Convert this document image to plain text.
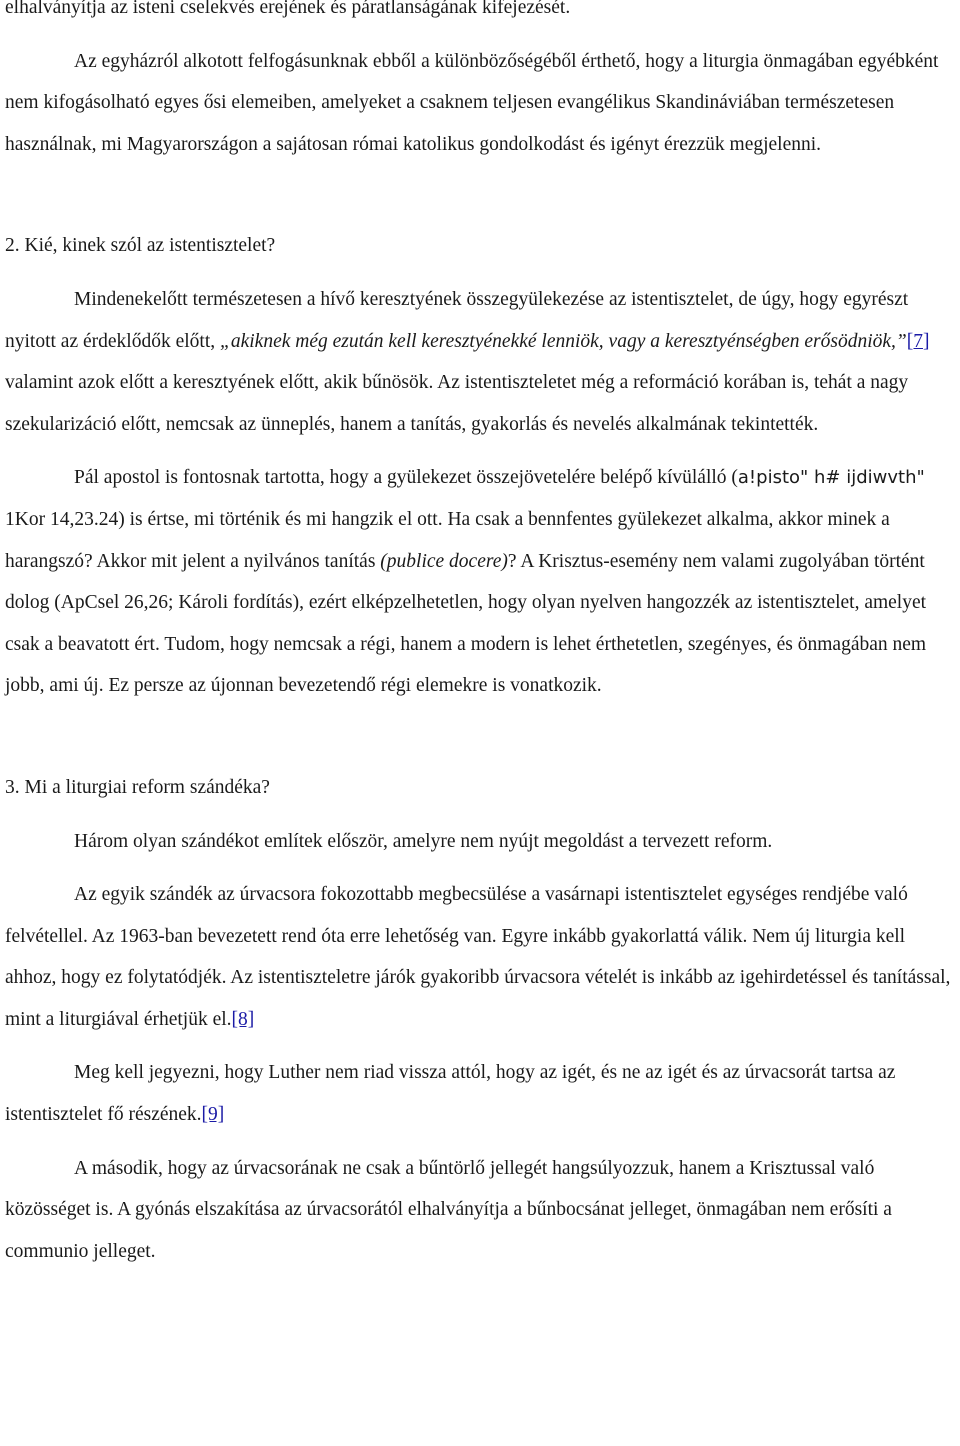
elhalványítja az isteni cselekvés erejének és páratlanságának kifejezését.

Az egyházról alkotott felfogásunknak ebből a különbözőségéből érthető, hogy a liturgia önmagában egyébként nem kifogásolható egyes ősi elemeiben, amelyeket a csaknem teljesen evangélikus Skandináviában természetesen használnak, mi Magyarországon a sajátosan római katolikus gondolkodást és igényt érezzük megjelenni.

2. Kié, kinek szól az istentisztelet?

Mindenekelőtt természetesen a hívő keresztyének összegyülekezése az istentisztelet, de úgy, hogy egyrészt nyitott az érdeklődők előtt, „akiknek még ezután kell keresztyénekké lenniök, vagy a keresztyénségben erősödniök,”[7] valamint azok előtt a keresztyének előtt, akik bűnösök. Az istentiszteletet még a reformáció korában is, tehát a nagy szekularizáció előtt, nemcsak az ünneplés, hanem a tanítás, gyakorlás és nevelés alkalmának tekintették.

Pál apostol is fontosnak tartotta, hogy a gyülekezet összejövetelére belépő kívülálló (a!pisto" h# ijdiwvth" 1Kor 14,23.24) is értse, mi történik és mi hangzik el ott. Ha csak a bennfentes gyülekezet alkalma, akkor minek a harangszó? Akkor mit jelent a nyilvános tanítás (publice docere)? A Krisztus-esemény nem valami zugolyában történt dolog (ApCsel 26,26; Károli fordítás), ezért elképzelhetetlen, hogy olyan nyelven hangozzék az istentisztelet, amelyet csak a beavatott ért. Tudom, hogy nemcsak a régi, hanem a modern is lehet érthetetlen, szegényes, és önmagában nem jobb, ami új. Ez persze az újonnan bevezetendő régi elemekre is vonatkozik.

3. Mi a liturgiai reform szándéka?

Három olyan szándékot említek először, amelyre nem nyújt megoldást a tervezett reform.

Az egyik szándék az úrvacsora fokozottabb megbecsülése a vasárnapi istentisztelet egységes rendjébe való felvétellel. Az 1963-ban bevezetett rend óta erre lehetőség van. Egyre inkább gyakorlattá válik. Nem új liturgia kell ahhoz, hogy ez folytatódjék. Az istentiszteletre járók gyakoribb úrvacsora vételét is inkább az igehirdetéssel és tanítással, mint a liturgiával érhetjük el.[8]

Meg kell jegyezni, hogy Luther nem riad vissza attól, hogy az igét, és ne az igét és az úrvacsorát tartsa az istentisztelet fő részének.[9]

A második, hogy az úrvacsorának ne csak a bűntörlő jellegét hangsúlyozzuk, hanem a Krisztussal való közösséget is. A gyónás elszakítása az úrvacsorától elhalványítja a bűnbocsánat jelleget, önmagában nem erősíti a communio jelleget.
